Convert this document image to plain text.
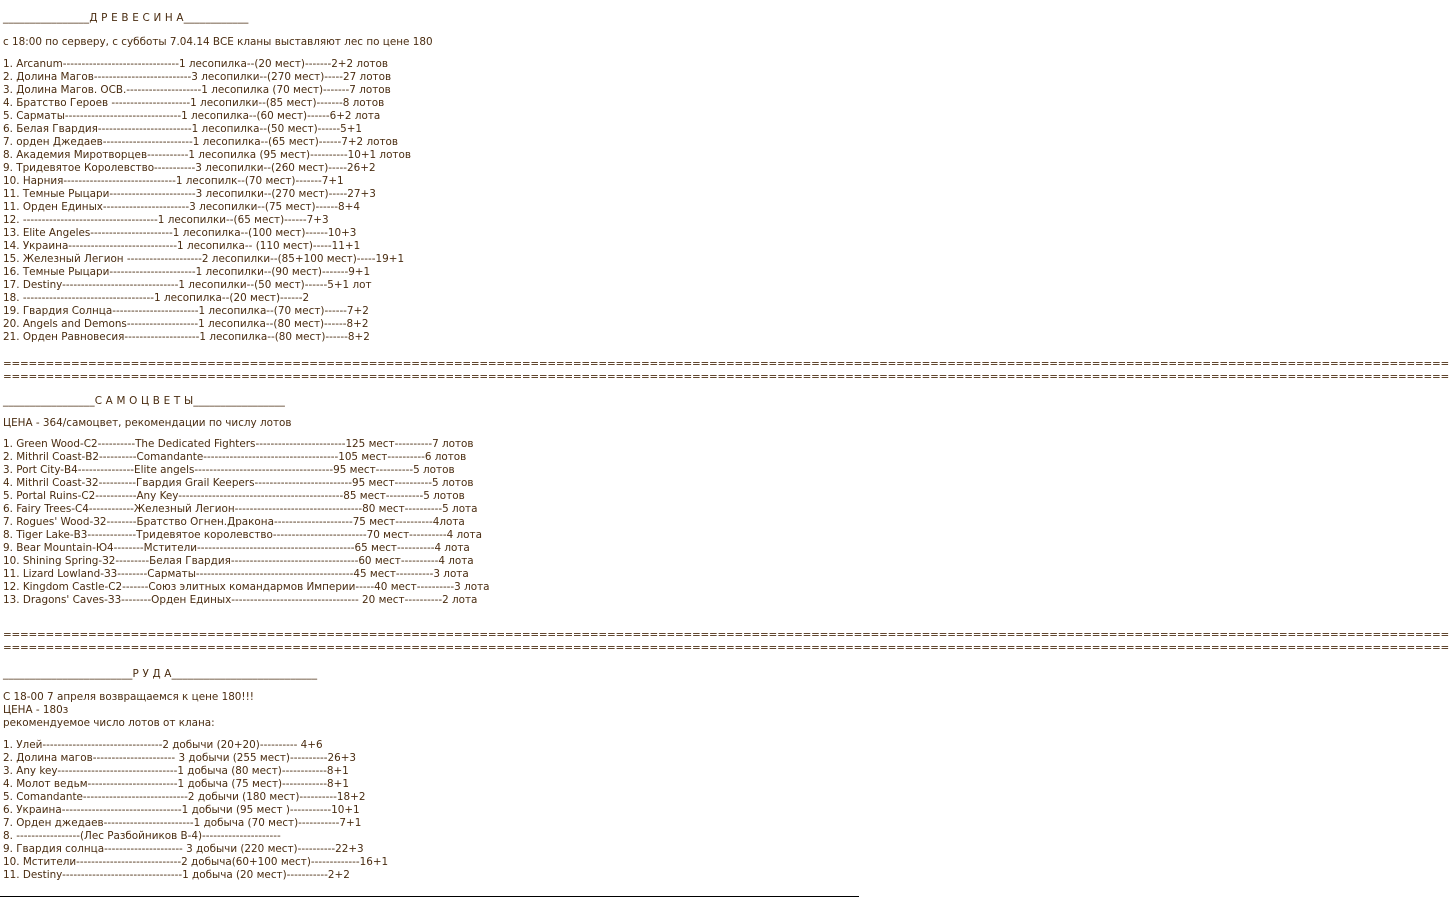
________________Д Р Е В Е С И Н А____________
с 18:00 по серверу, с субботы 7.04.14 ВСЕ кланы выставляют лес по цене 180
1. Arcanum-------------------------------1 лесопилка--(20 мест)-------2+2 лотов
2. Долина Магов--------------------------3 лесопилки--(270 мест)-----27 лотов
3. Долина Магов. ОСВ.--------------------1 лесопилка (70 мест)-------7 лотов
4. Братство Героев ---------------------1 лесопилки--(85 мест)-------8 лотов
5. Сарматы-------------------------------1 лесопилка--(60 мест)------6+2 лота
6. Белая Гвардия-------------------------1 лесопилка--(50 мест)------5+1
7. орден Джедаев------------------------1 лесопилка--(65 мест)------7+2 лотов
8. Академия Миротворцев-----------1 лесопилка (95 мест)----------10+1 лотов
9. Тридевятое Королевство-----------3 лесопилки--(260 мест)-----26+2
10. Нарния------------------------------1 лесопилк--(70 мест)-------7+1
11. Темные Рыцари-----------------------3 лесопилки--(270 мест)-----27+3
11. Орден Единых-----------------------3 лесопилки--(75 мест)------8+4
12. ------------------------------------1 лесопилки--(65 мест)------7+3
13. Elite Angeles----------------------1 лесопилка--(100 мест)------10+3
14. Украина-----------------------------1 лесопилка-- (110 мест)-----11+1
15. Железный Легион --------------------2 лесопилки--(85+100 мест)-----19+1
16. Темные Рыцари-----------------------1 лесопилки--(90 мест)-------9+1
17. Destiny-------------------------------1 лесопилки--(50 мест)------5+1 лот
18. -----------------------------------1 лесопилка--(20 мест)------2
19. Гвардия Солнца-----------------------1 лесопилка--(70 мест)------7+2
20. Angels and Demons-------------------1 лесопилка--(80 мест)------8+2
21. Орден Равновесия--------------------1 лесопилка--(80 мест)------8+2
==========================================================================================================================================================================
==========================================================================================================================================================================
_________________С А М О Ц В Е Т Ы_________________
ЦЕНА - 364/самоцвет, рекомендации по числу лотов
1. Green Wood-С2----------The Dedicated Fighters------------------------125 мест----------7 лотов
2. Mithril Coast-В2----------Comandante------------------------------------105 мест----------6 лотов
3. Port City-В4---------------Elite angels-------------------------------------95 мест----------5 лотов
4. Mithril Coast-З2----------Гвардия Grail Keepers--------------------------95 мест----------5 лотов
5. Portal Ruins-С2-----------Any Key--------------------------------------------85 мест----------5 лотов
6. Fairy Trees-С4------------Железный Легион----------------------------------80 мест----------5 лота
7. Rogues' Wood-З2--------Братство Огнен.Дракона---------------------75 мест----------4лота
8. Tiger Lake-В3-------------Тридевятое королевство-------------------------70 мест----------4 лота
9. Bear Mountain-Ю4--------Мстители------------------------------------------65 мест----------4 лота
10. Shining Spring-З2---------Белая Гвардия----------------------------------60 мест----------4 лота
11. Lizard Lowland-З3--------Сарматы------------------------------------------45 мест----------3 лота
12. Kingdom Castle-С2-------Союз элитных командармов Империи-----40 мест----------3 лота
13. Dragons' Caves-З3--------Орден Единых---------------------------------- 20 мест----------2 лота
==========================================================================================================================================================================
==========================================================================================================================================================================
________________________Р У Д А___________________________
С 18-00 7 апреля возвращаемся к цене 180!!!
ЦЕНА - 180з
рекомендуемое число лотов от клана:
1. Улей--------------------------------2 добычи (20+20)---------- 4+6
2. Долина магов---------------------- 3 добычи (255 мест)----------26+3
3. Any key--------------------------------1 добыча (80 мест)------------8+1
4. Молот ведьм------------------------1 добыча (75 мест)------------8+1
5. Comandante----------------------------2 добычи (180 мест)----------18+2
6. Украина--------------------------------1 добычи (95 мест )-----------10+1
7. Орден джедаев------------------------1 добыча (70 мест)-----------7+1
8. -----------------(Лес Разбойников В-4)---------------------
9. Гвардия солнца--------------------- 3 добычи (220 мест)----------22+3
10. Мстители----------------------------2 добыча(60+100 мест)-------------16+1
11. Destiny--------------------------------1 добыча (20 мест)-----------2+2
